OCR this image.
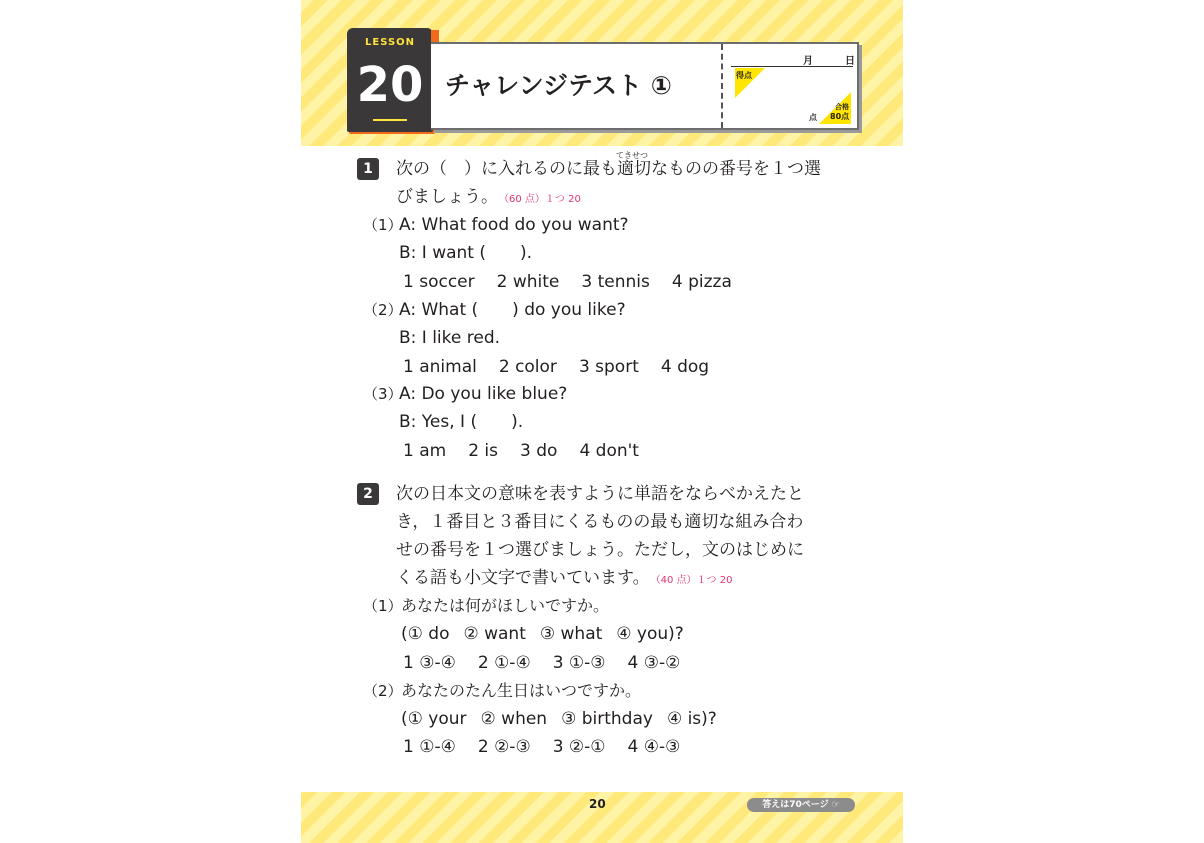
LESSON
20 チャレンジテスト ①
月	日
得点
点
合格
80点
1
てきせつ
次の（　）に入れるのに最も適切なものの番号を１つ選
びましょう。 （60 点）１つ 20
（1）
A: What food do you want?
B: I want (　　).
1 soccer 2 white 3 tennis 4 pizza
（2）
A: What (　　) do you like?
B: I like red.
1 animal 2 color 3 sport 4 dog
（3）
A: Do you like blue?
B: Yes, I (　　).
1 am 2 is 3 do 4 don't
2	次の日本文の意味を表すように単語をならべかえたと
き，１番目と３番目にくるものの最も適切な組み合わ
せの番号を１つ選びましょう。ただし，文のはじめに
くる語も小文字で書いています。 （40 点）１つ 20
（1）
あなたは何がほしいですか。
(① do ② want ③ what ④ you)?
1 ③-④ 2 ①-④ 3 ①-③ 4 ③-②
（2）
あなたのたん生日はいつですか。
(① your ② when ③ birthday ④ is)?
1 ①-④ 2 ②-③ 3 ②-① 4 ④-③
20	答えは70ページ ☞
